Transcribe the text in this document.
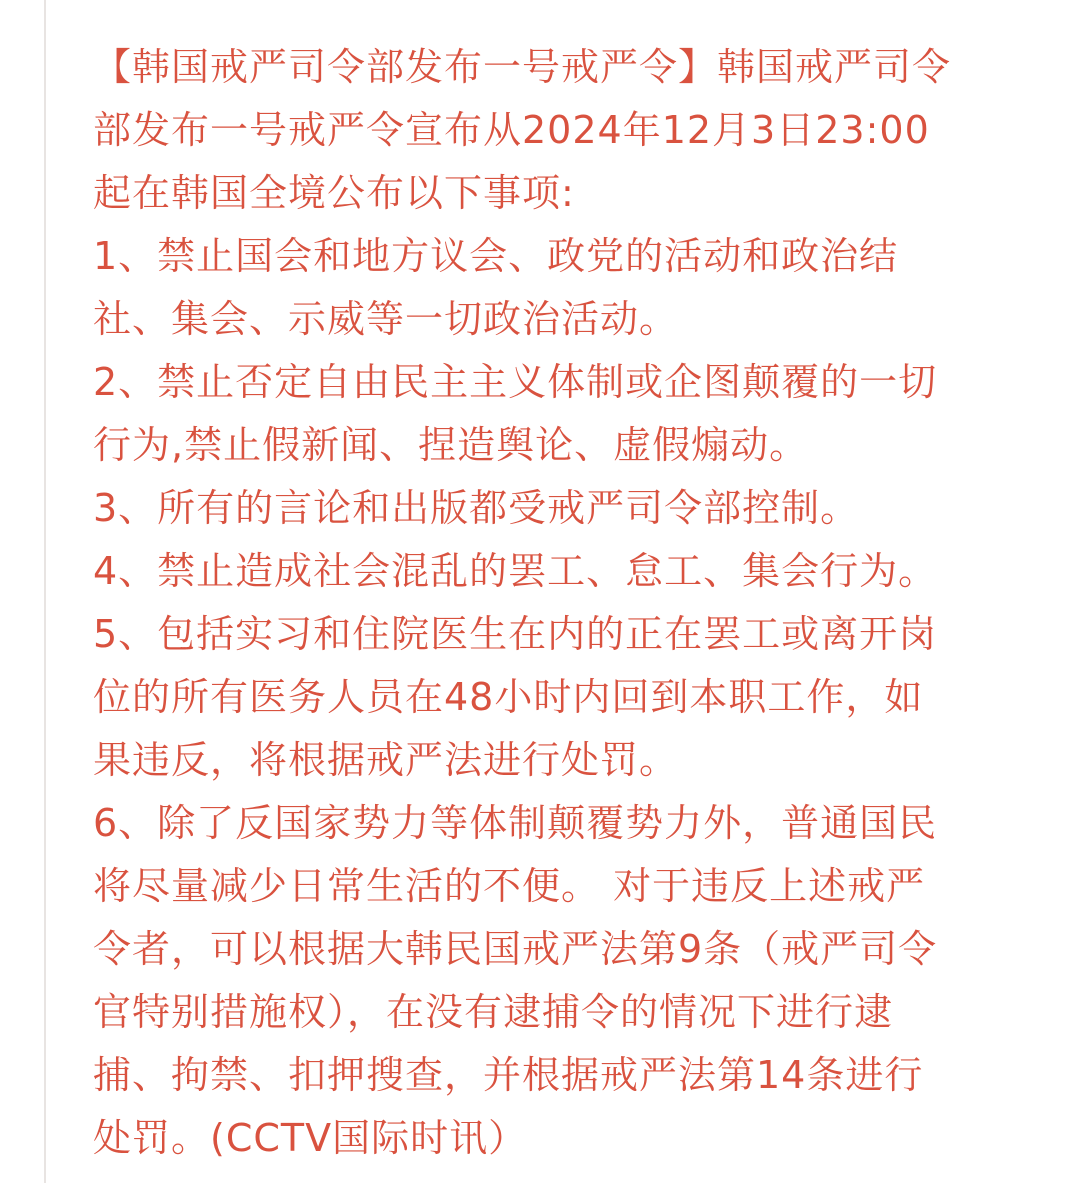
【韩国戒严司令部发布一号戒严令】韩国戒严司令

部发布一号戒严令宣布从2024年12月3日23:00

起在韩国全境公布以下事项:

1、禁止国会和地方议会、政党的活动和政治结

社、集会、示威等一切政治活动。

2、禁止否定自由民主主义体制或企图颠覆的一切

行为,禁止假新闻、捏造舆论、虚假煽动。

3、所有的言论和出版都受戒严司令部控制。

4、禁止造成社会混乱的罢工、怠工、集会行为。

5、包括实习和住院医生在内的正在罢工或离开岗

位的所有医务人员在48小时内回到本职工作，如

果违反，将根据戒严法进行处罚。

6、除了反国家势力等体制颠覆势力外，普通国民

将尽量减少日常生活的不便。 对于违反上述戒严

令者，可以根据大韩民国戒严法第9条（戒严司令

官特别措施权），在没有逮捕令的情况下进行逮

捕、拘禁、扣押搜查，并根据戒严法第14条进行

处罚。(CCTV国际时讯）
